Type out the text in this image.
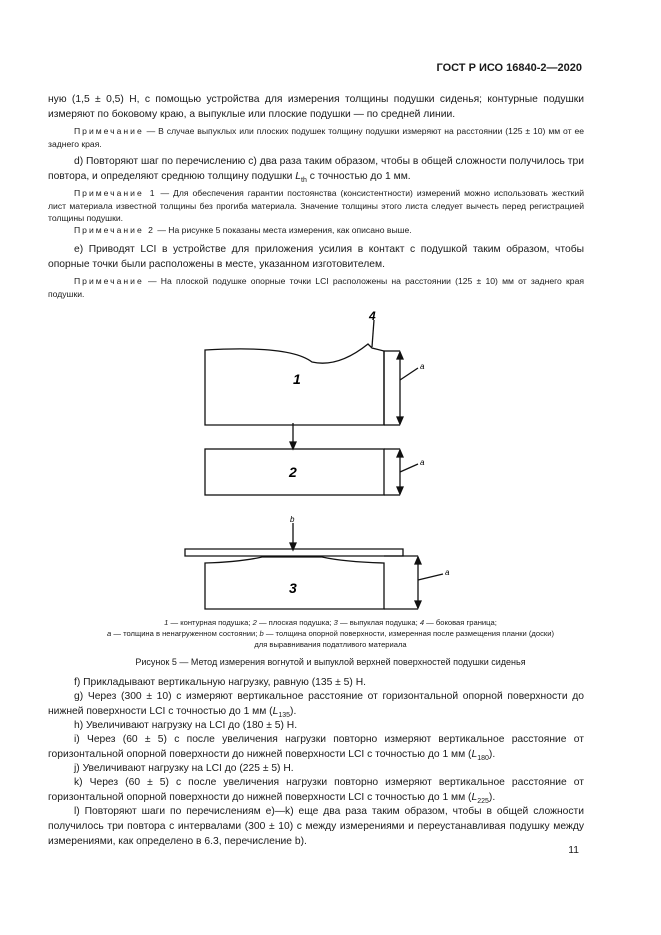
ГОСТ Р ИСО 16840-2—2020

ную (1,5 ± 0,5) Н, с помощью устройства для измерения толщины подушки сиденья; контурные подушки измеряют по боковому краю, а выпуклые или плоские подушки — по средней линии.

Примечание — В случае выпуклых или плоских подушек толщину подушки измеряют на расстоянии (125 ± 10) мм от ее заднего края.

d) Повторяют шаг по перечислению с) два раза таким образом, чтобы в общей сложности получилось три повтора, и определяют среднюю толщину подушки $L_{th}$ с точностью до 1 мм.

Примечание 1 — Для обеспечения гарантии постоянства (консистентности) измерений можно использовать жесткий лист материала известной толщины без прогиба материала. Значение толщины этого листа следует вычесть перед регистрацией толщины подушки.

Примечание 2 — На рисунке 5 показаны места измерения, как описано выше.

e) Приводят LCI в устройстве для приложения усилия в контакт с подушкой таким образом, чтобы опорные точки были расположены в месте, указанном изготовителем.

Примечание — На плоской подушке опорные точки LCI расположены на расстоянии (125 ± 10) мм от заднего края подушки.

1
4
a
2
a
b
3
a

1 — контурная подушка; 2 — плоская подушка; 3 — выпуклая подушка; 4 — боковая граница;
a — толщина в ненагруженном состоянии; b — толщина опорной поверхности, измеренная после размещения планки (доски) для выравнивания податливого материала

Рисунок 5 — Метод измерения вогнутой и выпуклой верхней поверхностей подушки сиденья

f) Прикладывают вертикальную нагрузку, равную (135 ± 5) Н.

g) Через (300 ± 10) с измеряют вертикальное расстояние от горизонтальной опорной поверхности до нижней поверхности LCI с точностью до 1 мм $(L_{135})$.

h) Увеличивают нагрузку на LCI до (180 ± 5) Н.

i) Через (60 ± 5) с после увеличения нагрузки повторно измеряют вертикальное расстояние от горизонтальной опорной поверхности до нижней поверхности LCI с точностью до 1 мм $(L_{180})$.

j) Увеличивают нагрузку на LCI до (225 ± 5) Н.

k) Через (60 ± 5) с после увеличения нагрузки повторно измеряют вертикальное расстояние от горизонтальной опорной поверхности до нижней поверхности LCI с точностью до 1 мм $(L_{225})$.

l) Повторяют шаги по перечислениям e)—k) еще два раза таким образом, чтобы в общей сложности получилось три повтора с интервалами (300 ± 10) с между измерениями и переустанавливая подушку между измерениями, как определено в 6.3, перечисление b).

11
